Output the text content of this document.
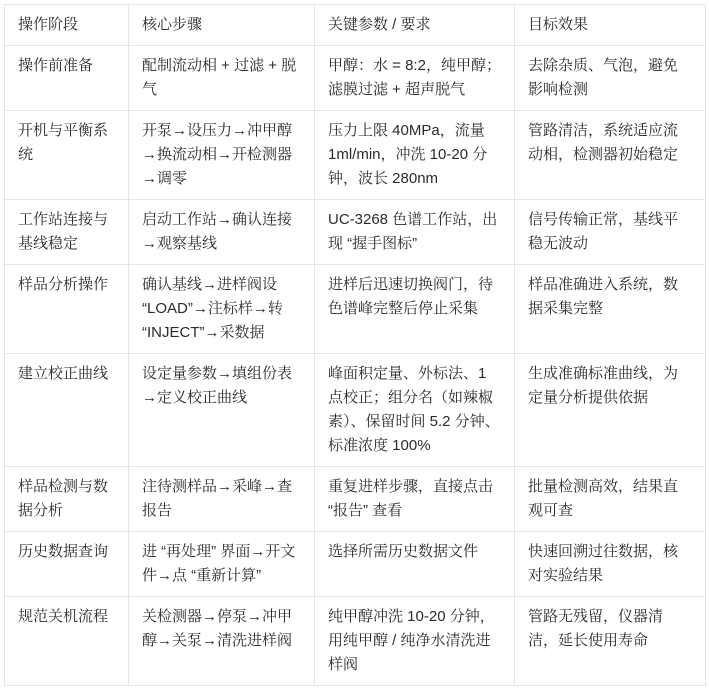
操作阶段	核心步骤	关键参数 / 要求	目标效果
操作前准备	配制流动相 + 过滤 + 脱气	甲醇：水 = 8:2，纯甲醇；滤膜过滤 + 超声脱气	去除杂质、气泡，避免影响检测
开机与平衡系统	开泵→设压力→冲甲醇→换流动相→开检测器→调零	压力上限 40MPa，流量 1ml/min，冲洗 10-20 分钟，波长 280nm	管路清洁，系统适应流动相，检测器初始稳定
工作站连接与基线稳定	启动工作站→确认连接→观察基线	UC-3268 色谱工作站，出现 “握手图标”	信号传输正常，基线平稳无波动
样品分析操作	确认基线→进样阀设 “LOAD”→注标样→转 “INJECT”→采数据	进样后迅速切换阀门，待色谱峰完整后停止采集	样品准确进入系统，数据采集完整
建立校正曲线	设定量参数→填组份表→定义校正曲线	峰面积定量、外标法、1 点校正；组分名（如辣椒素）、保留时间 5.2 分钟、标准浓度 100%	生成准确标准曲线，为定量分析提供依据
样品检测与数据分析	注待测样品→采峰→查报告	重复进样步骤，直接点击 “报告” 查看	批量检测高效，结果直观可查
历史数据查询	进 “再处理” 界面→开文件→点 “重新计算”	选择所需历史数据文件	快速回溯过往数据，核对实验结果
规范关机流程	关检测器→停泵→冲甲醇→关泵→清洗进样阀	纯甲醇冲洗 10-20 分钟，用纯甲醇 / 纯净水清洗进样阀	管路无残留，仪器清洁，延长使用寿命
